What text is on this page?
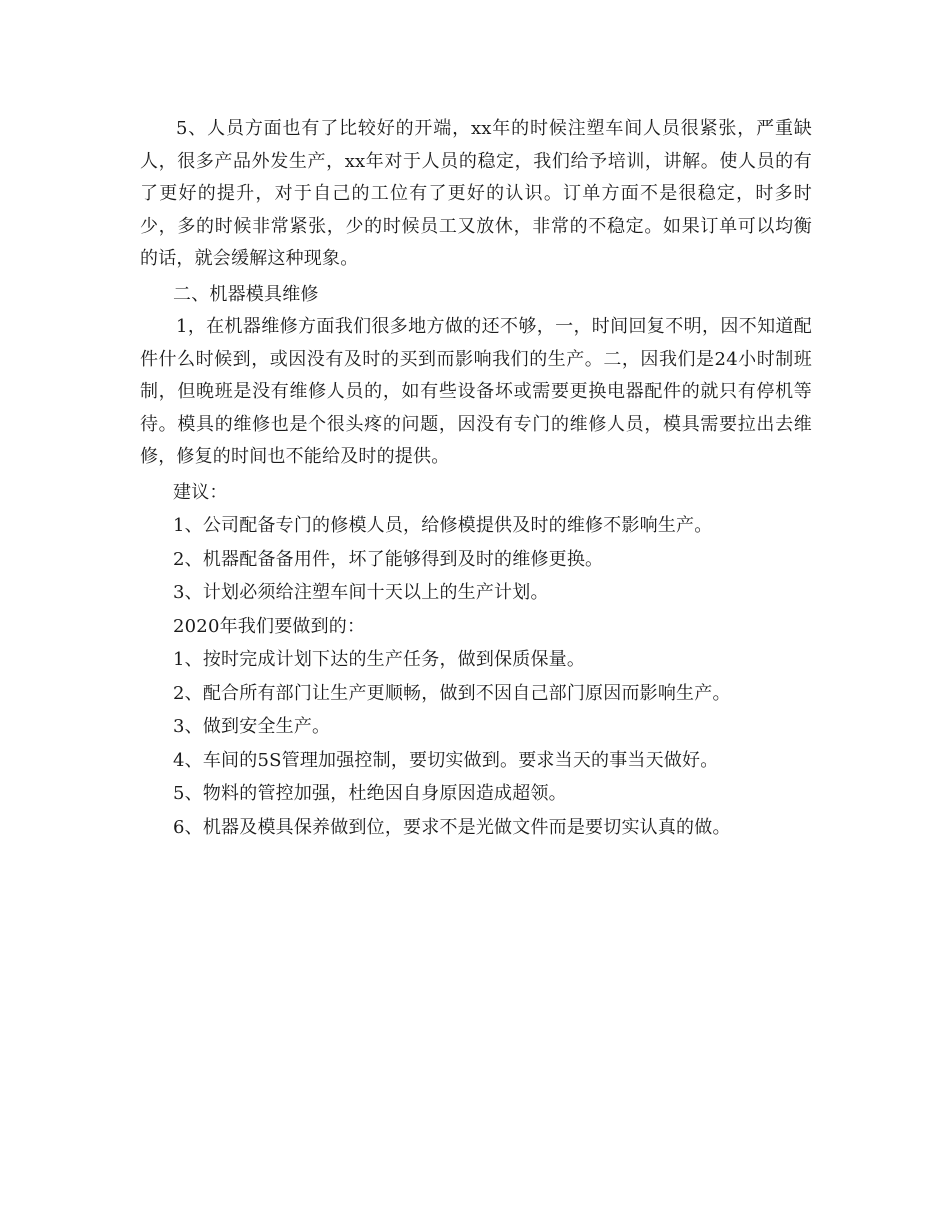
5、人员方面也有了比较好的开端，xx年的时候注塑车间人员很紧张，严重缺人，很多产品外发生产，xx年对于人员的稳定，我们给予培训，讲解。使人员的有了更好的提升，对于自己的工位有了更好的认识。订单方面不是很稳定，时多时少，多的时候非常紧张，少的时候员工又放休，非常的不稳定。如果订单可以均衡的话，就会缓解这种现象。

二、机器模具维修

1，在机器维修方面我们很多地方做的还不够，一，时间回复不明，因不知道配件什么时候到，或因没有及时的买到而影响我们的生产。二，因我们是24小时制班制，但晚班是没有维修人员的，如有些设备坏或需要更换电器配件的就只有停机等待。模具的维修也是个很头疼的问题，因没有专门的维修人员，模具需要拉出去维修，修复的时间也不能给及时的提供。

建议：

1、公司配备专门的修模人员，给修模提供及时的维修不影响生产。

2、机器配备备用件，坏了能够得到及时的维修更换。

3、计划必须给注塑车间十天以上的生产计划。

2020年我们要做到的：

1、按时完成计划下达的生产任务，做到保质保量。

2、配合所有部门让生产更顺畅，做到不因自己部门原因而影响生产。

3、做到安全生产。

4、车间的5S管理加强控制，要切实做到。要求当天的事当天做好。

5、物料的管控加强，杜绝因自身原因造成超领。

6、机器及模具保养做到位，要求不是光做文件而是要切实认真的做。
